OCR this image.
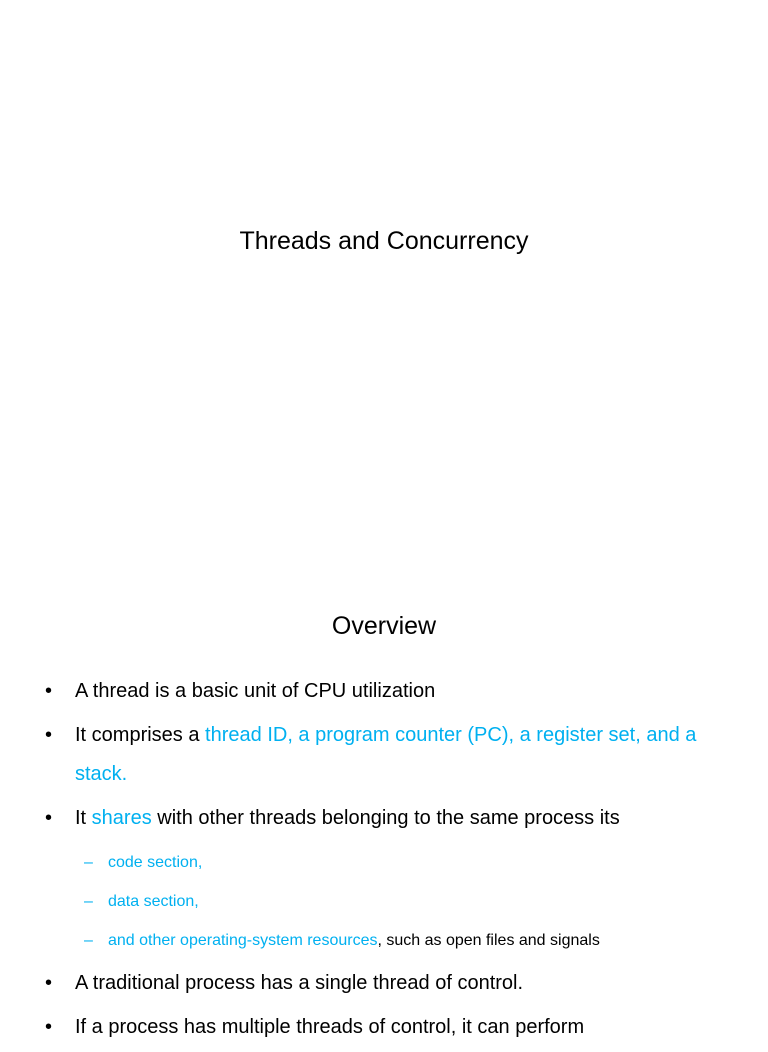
Threads and Concurrency
Overview
• A thread is a basic unit of CPU utilization
• It comprises a thread ID, a program counter (PC), a register set, and a stack.
• It shares with other threads belonging to the same process its
– code section,
– data section,
– and other operating-system resources, such as open files and signals
• A traditional process has a single thread of control.
• If a process has multiple threads of control, it can perform
